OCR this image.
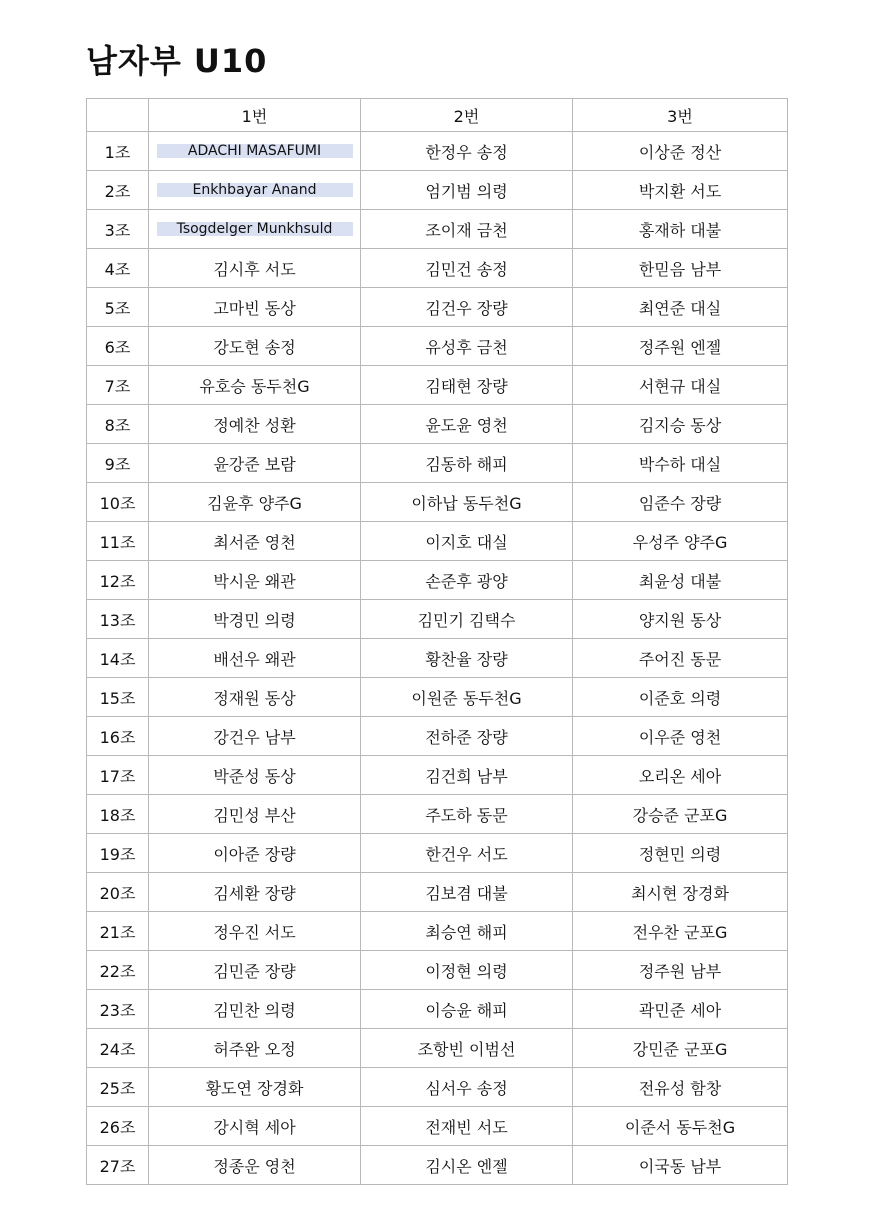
남자부 U10
	1번	2번	3번
1조	ADACHI MASAFUMI	한정우 송정	이상준 정산
2조	Enkhbayar Anand	엄기범 의령	박지환 서도
3조	Tsogdelger Munkhsuld	조이재 금천	홍재하 대불
4조	김시후 서도	김민건 송정	한믿음 남부
5조	고마빈 동상	김건우 장량	최연준 대실
6조	강도현 송정	유성후 금천	정주원 엔젤
7조	유호승 동두천G	김태현 장량	서현규 대실
8조	정예찬 성환	윤도윤 영천	김지승 동상
9조	윤강준 보람	김동하 해피	박수하 대실
10조	김윤후 양주G	이하납 동두천G	임준수 장량
11조	최서준 영천	이지호 대실	우성주 양주G
12조	박시운 왜관	손준후 광양	최윤성 대불
13조	박경민 의령	김민기 김택수	양지원 동상
14조	배선우 왜관	황찬율 장량	주어진 동문
15조	정재원 동상	이원준 동두천G	이준호 의령
16조	강건우 남부	전하준 장량	이우준 영천
17조	박준성 동상	김건희 남부	오리온 세아
18조	김민성 부산	주도하 동문	강승준 군포G
19조	이아준 장량	한건우 서도	정현민 의령
20조	김세환 장량	김보겸 대불	최시현 장경화
21조	정우진 서도	최승연 해피	전우찬 군포G
22조	김민준 장량	이정현 의령	정주원 남부
23조	김민찬 의령	이승윤 해피	곽민준 세아
24조	허주완 오정	조항빈 이범선	강민준 군포G
25조	황도연 장경화	심서우 송정	전유성 함창
26조	강시혁 세아	전재빈 서도	이준서 동두천G
27조	정종운 영천	김시온 엔젤	이국동 남부
